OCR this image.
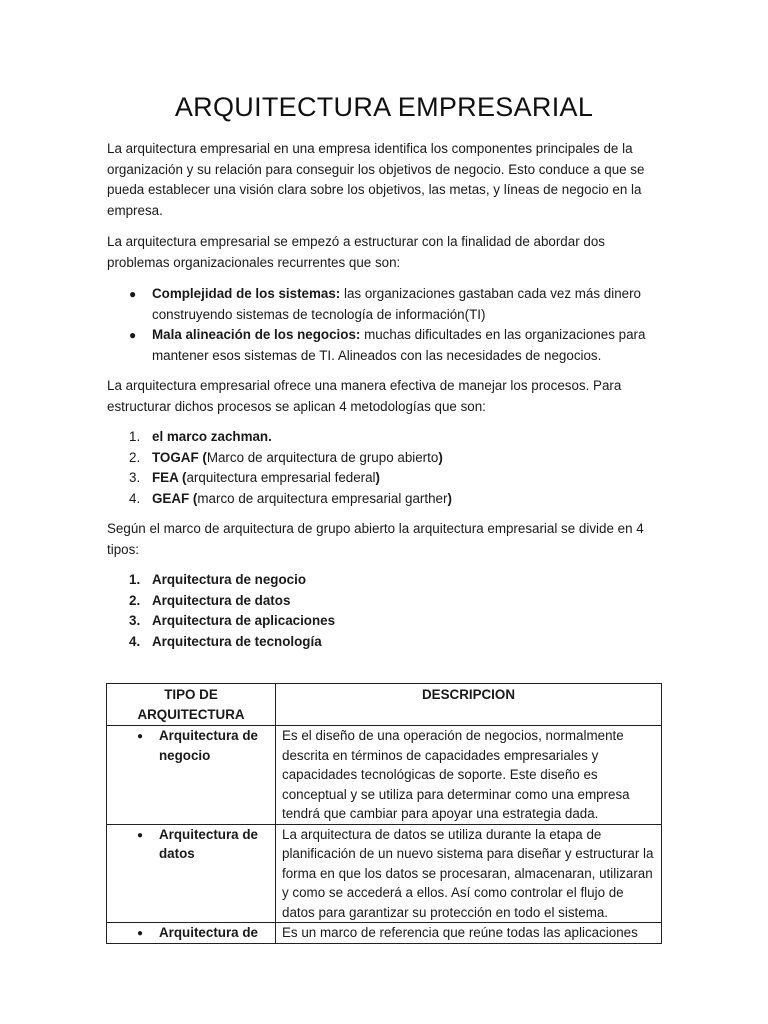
ARQUITECTURA EMPRESARIAL

La arquitectura empresarial en una empresa identifica los componentes principales de la organización y su relación para conseguir los objetivos de negocio. Esto conduce a que se pueda establecer una visión clara sobre los objetivos, las metas, y líneas de negocio en la empresa.

La arquitectura empresarial se empezó a estructurar con la finalidad de abordar dos problemas organizacionales recurrentes que son:

● Complejidad de los sistemas: las organizaciones gastaban cada vez más dinero construyendo sistemas de tecnología de información(TI)
● Mala alineación de los negocios: muchas dificultades en las organizaciones para mantener esos sistemas de TI. Alineados con las necesidades de negocios.

La arquitectura empresarial ofrece una manera efectiva de manejar los procesos. Para estructurar dichos procesos se aplican 4 metodologías que son:

1. el marco zachman.
2. TOGAF (Marco de arquitectura de grupo abierto)
3. FEA (arquitectura empresarial federal)
4. GEAF (marco de arquitectura empresarial garther)

Según el marco de arquitectura de grupo abierto la arquitectura empresarial se divide en 4 tipos:

1. Arquitectura de negocio
2. Arquitectura de datos
3. Arquitectura de aplicaciones
4. Arquitectura de tecnología
TIPO DE ARQUITECTURA	DESCRIPCION

● Arquitectura de negocio	Es el diseño de una operación de negocios, normalmente descrita en términos de capacidades empresariales y capacidades tecnológicas de soporte. Este diseño es conceptual y se utiliza para determinar como una empresa tendrá que cambiar para apoyar una estrategia dada.

● Arquitectura de datos	La arquitectura de datos se utiliza durante la etapa de planificación de un nuevo sistema para diseñar y estructurar la forma en que los datos se procesaran, almacenaran, utilizaran y como se accederá a ellos. Así como controlar el flujo de datos para garantizar su protección en todo el sistema.

● Arquitectura de	Es un marco de referencia que reúne todas las aplicaciones
